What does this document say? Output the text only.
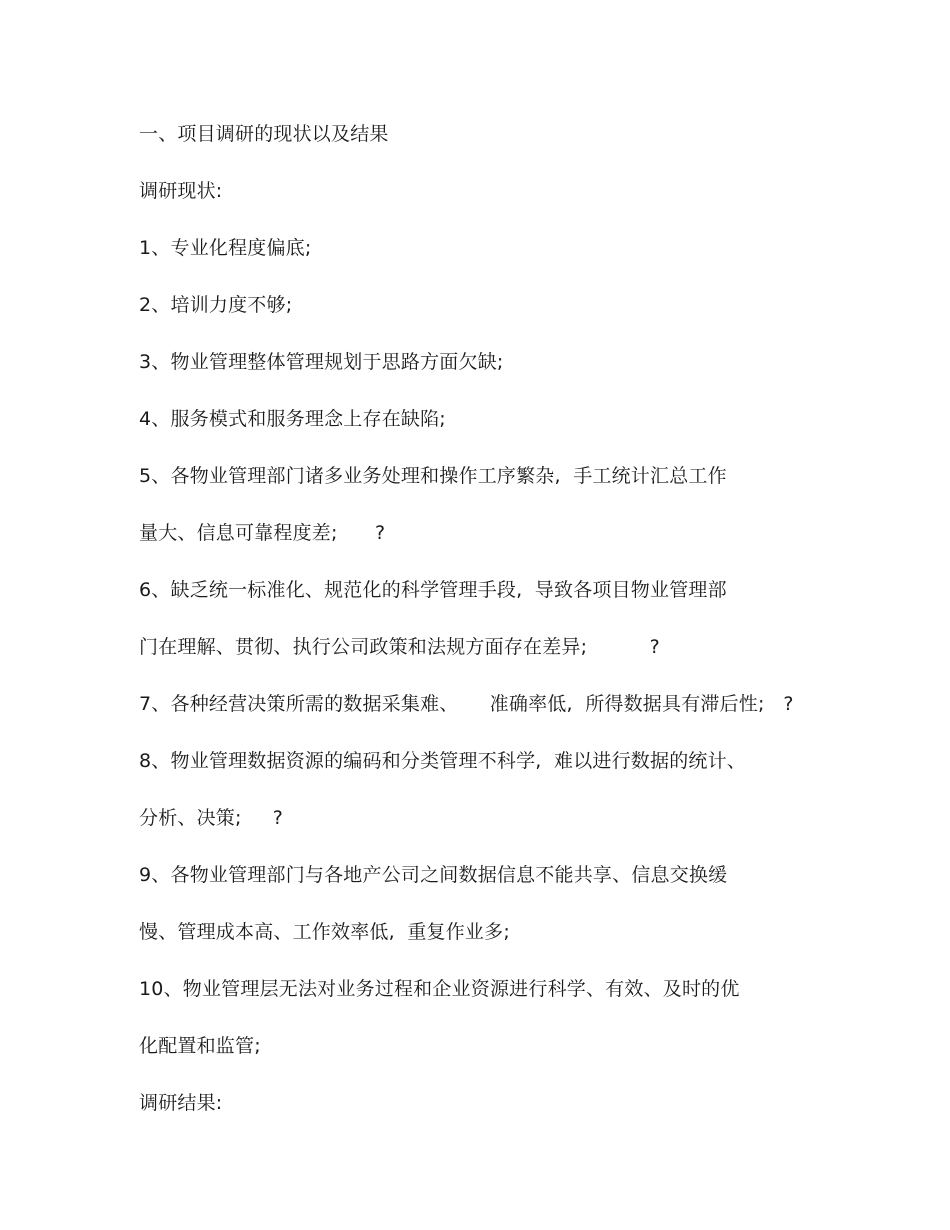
一、项目调研的现状以及结果
调研现状:
1、专业化程度偏底;
2、培训力度不够;
3、物业管理整体管理规划于思路方面欠缺;
4、服务模式和服务理念上存在缺陷;
5、各物业管理部门诸多业务处理和操作工序繁杂,  手工统计汇总工作
量大、信息可靠程度差;      ?
6、缺乏统一标准化、规范化的科学管理手段,  导致各项目物业管理部
门在理解、贯彻、执行公司政策和法规方面存在差异;          ?
7、各种经营决策所需的数据采集难、     准确率低,  所得数据具有滞后性;   ?
8、物业管理数据资源的编码和分类管理不科学,  难以进行数据的统计、
分析、决策;     ?
9、各物业管理部门与各地产公司之间数据信息不能共享、信息交换缓
慢、管理成本高、工作效率低,  重复作业多;
10、物业管理层无法对业务过程和企业资源进行科学、有效、及时的优
化配置和监管;
调研结果:
